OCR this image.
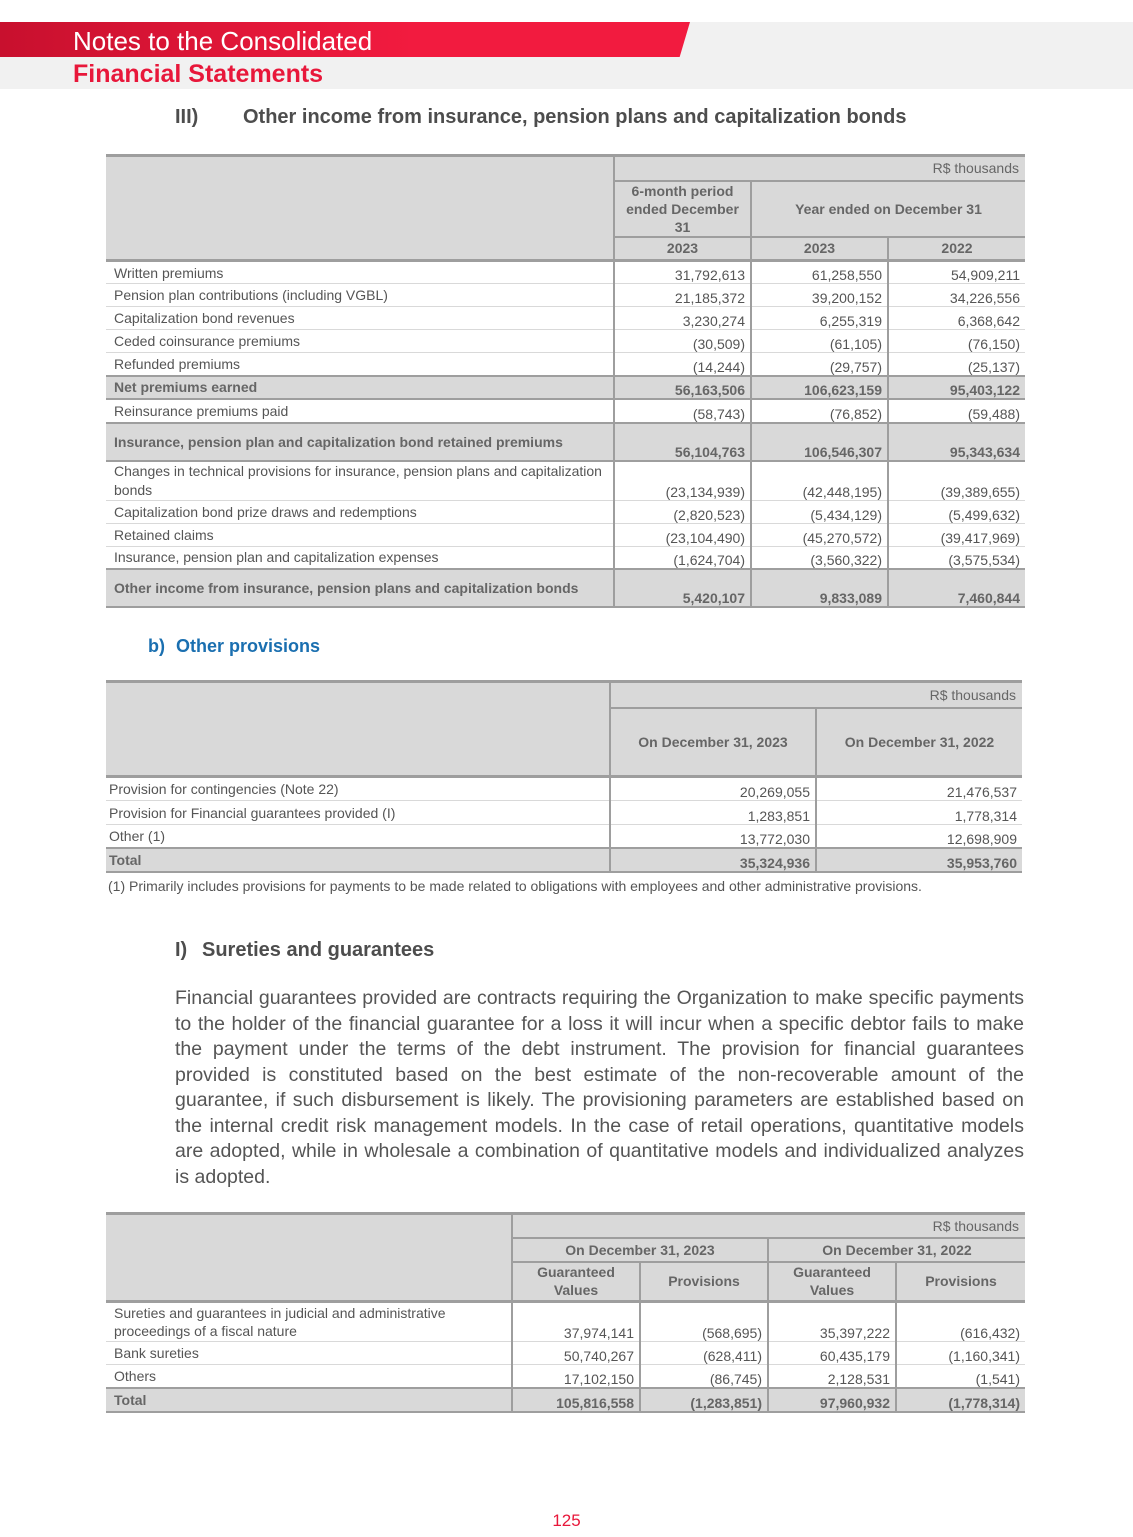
Notes to the Consolidated
Financial Statements
III) Other income from insurance, pension plans and capitalization bonds
	R$ thousands		
	6-month period ended December 31	Year ended on December 31	
	2023	2023	2022
Written premiums	31,792,613	61,258,550	54,909,211
Pension plan contributions (including VGBL)	21,185,372	39,200,152	34,226,556
Capitalization bond revenues	3,230,274	6,255,319	6,368,642
Ceded coinsurance premiums	(30,509)	(61,105)	(76,150)
Refunded premiums	(14,244)	(29,757)	(25,137)
Net premiums earned	56,163,506	106,623,159	95,403,122
Reinsurance premiums paid	(58,743)	(76,852)	(59,488)
Insurance, pension plan and capitalization bond retained premiums	56,104,763	106,546,307	95,343,634
Changes in technical provisions for insurance, pension plans and capitalization bonds	(23,134,939)	(42,448,195)	(39,389,655)
Capitalization bond prize draws and redemptions	(2,820,523)	(5,434,129)	(5,499,632)
Retained claims	(23,104,490)	(45,270,572)	(39,417,969)
Insurance, pension plan and capitalization expenses	(1,624,704)	(3,560,322)	(3,575,534)
Other income from insurance, pension plans and capitalization bonds	5,420,107	9,833,089	7,460,844
b) Other provisions
	R$ thousands	
	On December 31, 2023	On December 31, 2022
Provision for contingencies (Note 22)	20,269,055	21,476,537
Provision for Financial guarantees provided (I)	1,283,851	1,778,314
Other (1)	13,772,030	12,698,909
Total	35,324,936	35,953,760
(1) Primarily includes provisions for payments to be made related to obligations with employees and other administrative provisions.
I) Sureties and guarantees
Financial guarantees provided are contracts requiring the Organization to make specific payments to the holder of the financial guarantee for a loss it will incur when a specific debtor fails to make the payment under the terms of the debt instrument. The provision for financial guarantees provided is constituted based on the best estimate of the non-recoverable amount of the guarantee, if such disbursement is likely. The provisioning parameters are established based on the internal credit risk management models. In the case of retail operations, quantitative models are adopted, while in wholesale a combination of quantitative models and individualized analyzes is adopted.
	R$ thousands			
	On December 31, 2023		On December 31, 2022	
	Guaranteed Values	Provisions	Guaranteed Values	Provisions
Sureties and guarantees in judicial and administrative proceedings of a fiscal nature	37,974,141	(568,695)	35,397,222	(616,432)
Bank sureties	50,740,267	(628,411)	60,435,179	(1,160,341)
Others	17,102,150	(86,745)	2,128,531	(1,541)
Total	105,816,558	(1,283,851)	97,960,932	(1,778,314)
125
